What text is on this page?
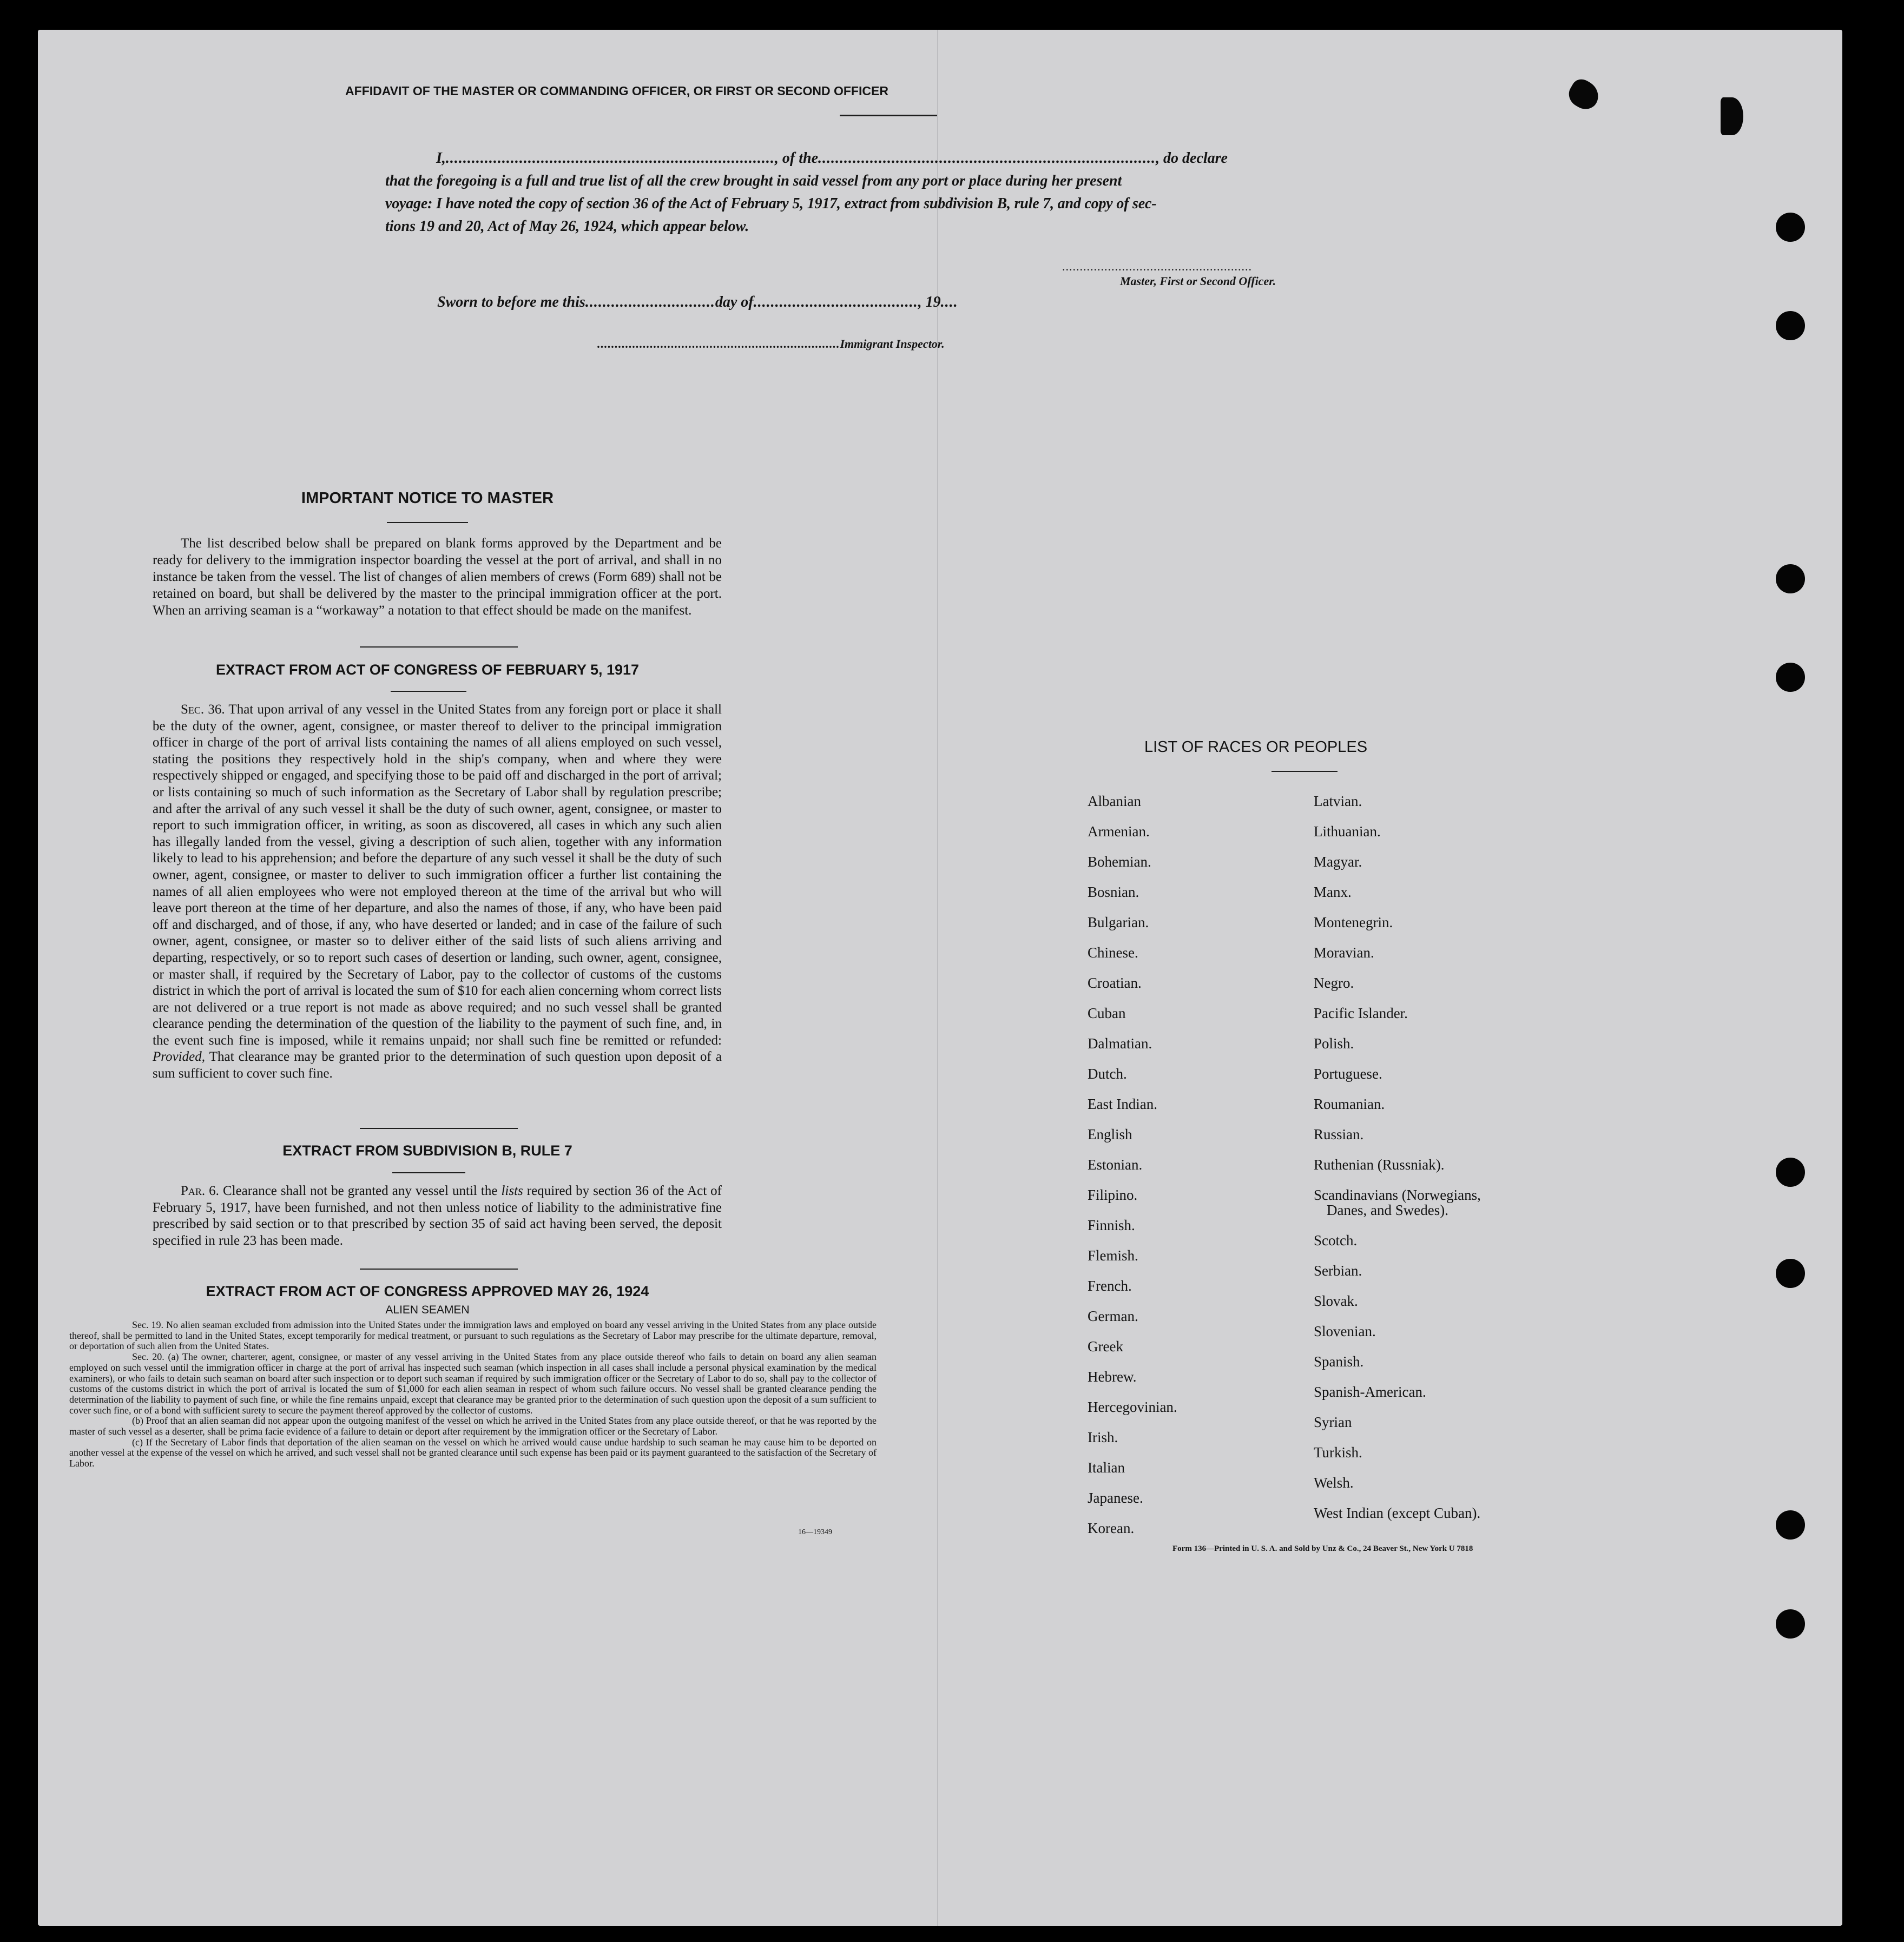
AFFIDAVIT OF THE MASTER OR COMMANDING OFFICER, OR FIRST OR SECOND OFFICER
I,............................................................................, of the.............................................................................., do declare
that the foregoing is a full and true list of all the crew brought in said vessel from any port or place during her present
voyage: I have noted the copy of section 36 of the Act of February 5, 1917, extract from subdivision B, rule 7, and copy of sec-
tions 19 and 20, Act of May 26, 1924, which appear below.
......................................................
Master, First or Second Officer.
Sworn to before me this..............................day of......................................, 19....
.....................................................................Immigrant Inspector.
IMPORTANT NOTICE TO MASTER

The list described below shall be prepared on blank forms approved by the Department and be ready for delivery to the immigration inspector boarding the vessel at the port of arrival, and shall in no instance be taken from the vessel. The list of changes of alien members of crews (Form 689) shall not be retained on board, but shall be delivered by the master to the principal immigration officer at the port. When an arriving seaman is a “workaway” a notation to that effect should be made on the manifest.

EXTRACT FROM ACT OF CONGRESS OF FEBRUARY 5, 1917

Sec. 36. That upon arrival of any vessel in the United States from any foreign port or place it shall be the duty of the owner, agent, consignee, or master thereof to deliver to the principal immigration officer in charge of the port of arrival lists containing the names of all aliens employed on such vessel, stating the positions they respectively hold in the ship's company, when and where they were respectively shipped or engaged, and specifying those to be paid off and discharged in the port of arrival; or lists containing so much of such information as the Secretary of Labor shall by regulation prescribe; and after the arrival of any such vessel it shall be the duty of such owner, agent, consignee, or master to report to such immigration officer, in writing, as soon as discovered, all cases in which any such alien has illegally landed from the vessel, giving a description of such alien, together with any information likely to lead to his apprehension; and before the departure of any such vessel it shall be the duty of such owner, agent, consignee, or master to deliver to such immigration officer a further list containing the names of all alien employees who were not employed thereon at the time of the arrival but who will leave port thereon at the time of her departure, and also the names of those, if any, who have been paid off and discharged, and of those, if any, who have deserted or landed; and in case of the failure of such owner, agent, consignee, or master so to deliver either of the said lists of such aliens arriving and departing, respectively, or so to report such cases of desertion or landing, such owner, agent, consignee, or master shall, if required by the Secretary of Labor, pay to the collector of customs of the customs district in which the port of arrival is located the sum of $10 for each alien concerning whom correct lists are not delivered or a true report is not made as above required; and no such vessel shall be granted clearance pending the determination of the question of the liability to the payment of such fine, and, in the event such fine is imposed, while it remains unpaid; nor shall such fine be remitted or refunded: Provided, That clearance may be granted prior to the determination of such question upon deposit of a sum sufficient to cover such fine.

EXTRACT FROM SUBDIVISION B, RULE 7

Par. 6. Clearance shall not be granted any vessel until the lists required by section 36 of the Act of February 5, 1917, have been furnished, and not then unless notice of liability to the administrative fine prescribed by said section or to that prescribed by section 35 of said act having been served, the deposit specified in rule 23 has been made.

EXTRACT FROM ACT OF CONGRESS APPROVED MAY 26, 1924
ALIEN SEAMEN

Sec. 19. No alien seaman excluded from admission into the United States under the immigration laws and employed on board any vessel arriving in the United States from any place outside thereof, shall be permitted to land in the United States, except temporarily for medical treatment, or pursuant to such regulations as the Secretary of Labor may prescribe for the ultimate departure, removal, or deportation of such alien from the United States.

Sec. 20. (a) The owner, charterer, agent, consignee, or master of any vessel arriving in the United States from any place outside thereof who fails to detain on board any alien seaman employed on such vessel until the immigration officer in charge at the port of arrival has inspected such seaman (which inspection in all cases shall include a personal physical examination by the medical examiners), or who fails to detain such seaman on board after such inspection or to deport such seaman if required by such immigration officer or the Secretary of Labor to do so, shall pay to the collector of customs of the customs district in which the port of arrival is located the sum of $1,000 for each alien seaman in respect of whom such failure occurs. No vessel shall be granted clearance pending the determination of the liability to payment of such fine, or while the fine remains unpaid, except that clearance may be granted prior to the determination of such question upon the deposit of a sum sufficient to cover such fine, or of a bond with sufficient surety to secure the payment thereof approved by the collector of customs.

(b) Proof that an alien seaman did not appear upon the outgoing manifest of the vessel on which he arrived in the United States from any place outside thereof, or that he was reported by the master of such vessel as a deserter, shall be prima facie evidence of a failure to detain or deport after requirement by the immigration officer or the Secretary of Labor.

(c) If the Secretary of Labor finds that deportation of the alien seaman on the vessel on which he arrived would cause undue hardship to such seaman he may cause him to be deported on another vessel at the expense of the vessel on which he arrived, and such vessel shall not be granted clearance until such expense has been paid or its payment guaranteed to the satisfaction of the Secretary of Labor.

16—19349
LIST OF RACES OR PEOPLES
Albanian
Armenian.
Bohemian.
Bosnian.
Bulgarian.
Chinese.
Croatian.
Cuban
Dalmatian.
Dutch.
East Indian.
English
Estonian.
Filipino.
Finnish.
Flemish.
French.
German.
Greek
Hebrew.
Hercegovinian.
Irish.
Italian
Japanese.
Korean.
Latvian.
Lithuanian.
Magyar.
Manx.
Montenegrin.
Moravian.
Negro.
Pacific Islander.
Polish.
Portuguese.
Roumanian.
Russian.
Ruthenian (Russniak).
Scandinavians (Norwegians,
Danes, and Swedes).
Scotch.
Serbian.
Slovak.
Slovenian.
Spanish.
Spanish-American.
Syrian
Turkish.
Welsh.
West Indian (except Cuban).
Form 136—Printed in U. S. A. and Sold by Unz & Co., 24 Beaver St., New York U 7818
